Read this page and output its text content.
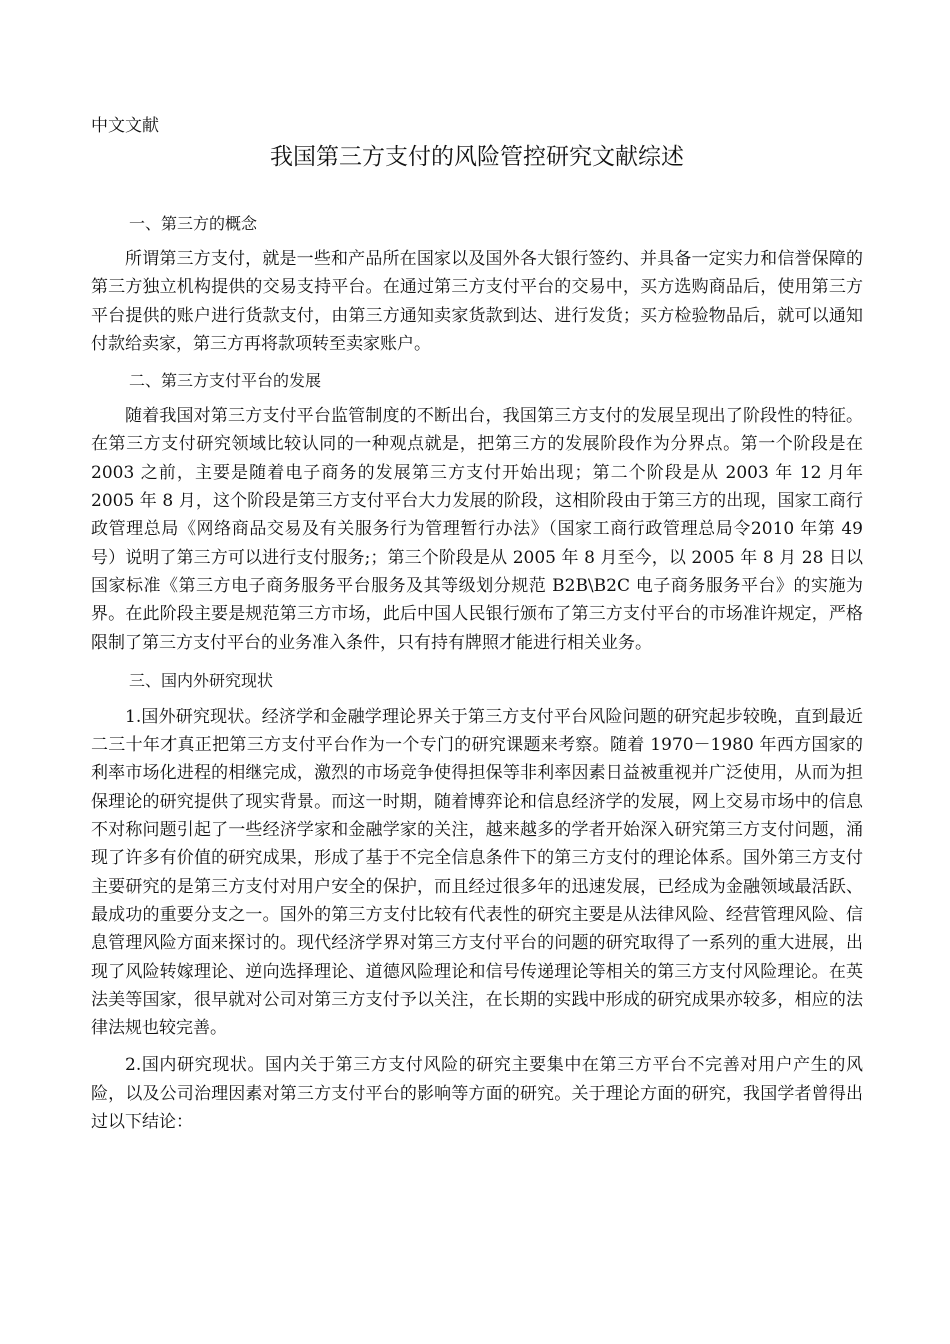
中文文献

我国第三方支付的风险管控研究文献综述
一、第三方的概念

所谓第三方支付，就是一些和产品所在国家以及国外各大银行签约、并具备一定实力和信誉保障的第三方独立机构提供的交易支持平台。在通过第三方支付平台的交易中，买方选购商品后，使用第三方平台提供的账户进行货款支付，由第三方通知卖家货款到达、进行发货；买方检验物品后，就可以通知付款给卖家，第三方再将款项转至卖家账户。

二、第三方支付平台的发展

随着我国对第三方支付平台监管制度的不断出台，我国第三方支付的发展呈现出了阶段性的特征。在第三方支付研究领域比较认同的一种观点就是，把第三方的发展阶段作为分界点。第一个阶段是在 2003 之前，主要是随着电子商务的发展第三方支付开始出现；第二个阶段是从 2003 年 12 月年 2005 年 8 月，这个阶段是第三方支付平台大力发展的阶段，这相阶段由于第三方的出现，国家工商行政管理总局《网络商品交易及有关服务行为管理暂行办法》（国家工商行政管理总局令2010 年第 49 号）说明了第三方可以进行支付服务;；第三个阶段是从 2005 年 8 月至今，以 2005 年 8 月 28 日以国家标准《第三方电子商务服务平台服务及其等级划分规范 B2B\B2C 电子商务服务平台》的实施为界。在此阶段主要是规范第三方市场，此后中国人民银行颁布了第三方支付平台的市场准许规定，严格限制了第三方支付平台的业务准入条件，只有持有牌照才能进行相关业务。

三、国内外研究现状

1.国外研究现状。经济学和金融学理论界关于第三方支付平台风险问题的研究起步较晚，直到最近二三十年才真正把第三方支付平台作为一个专门的研究课题来考察。随着 1970－1980 年西方国家的利率市场化进程的相继完成，激烈的市场竞争使得担保等非利率因素日益被重视并广泛使用，从而为担保理论的研究提供了现实背景。而这一时期，随着博弈论和信息经济学的发展，网上交易市场中的信息不对称问题引起了一些经济学家和金融学家的关注，越来越多的学者开始深入研究第三方支付问题，涌现了许多有价值的研究成果，形成了基于不完全信息条件下的第三方支付的理论体系。国外第三方支付主要研究的是第三方支付对用户安全的保护，而且经过很多年的迅速发展，已经成为金融领域最活跃、最成功的重要分支之一。国外的第三方支付比较有代表性的研究主要是从法律风险、经营管理风险、信息管理风险方面来探讨的。现代经济学界对第三方支付平台的问题的研究取得了一系列的重大进展，出现了风险转嫁理论、逆向选择理论、道德风险理论和信号传递理论等相关的第三方支付风险理论。在英法美等国家，很早就对公司对第三方支付予以关注，在长期的实践中形成的研究成果亦较多，相应的法律法规也较完善。

2.国内研究现状。国内关于第三方支付风险的研究主要集中在第三方平台不完善对用户产生的风险，以及公司治理因素对第三方支付平台的影响等方面的研究。关于理论方面的研究，我国学者曾得出过以下结论：
